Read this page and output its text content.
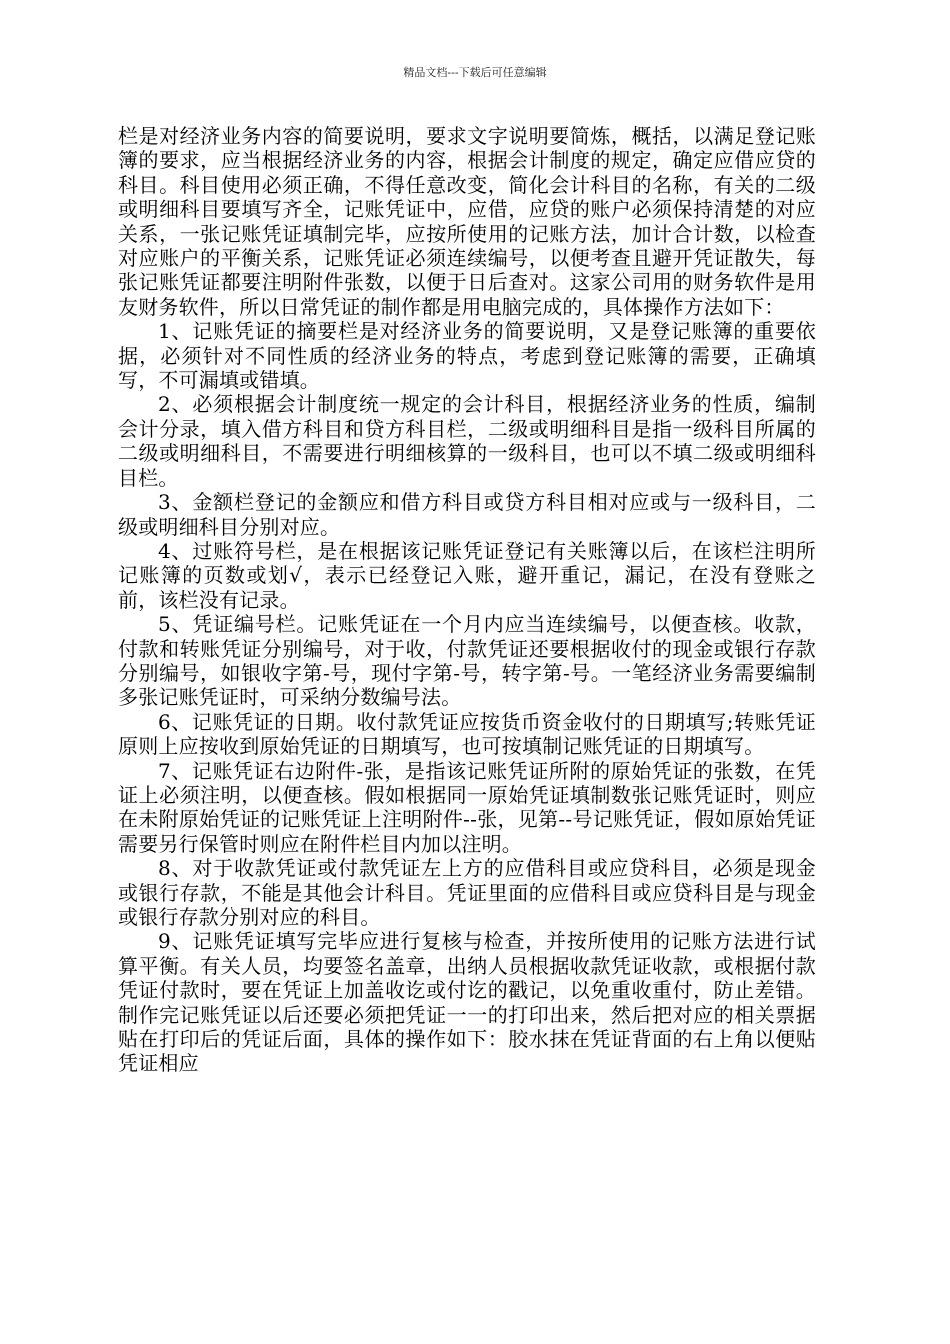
精品文档---下载后可任意编辑

栏是对经济业务内容的简要说明，要求文字说明要简炼，概括，以满足登记账簿的要求，应当根据经济业务的内容，根据会计制度的规定，确定应借应贷的科目。科目使用必须正确，不得任意改变，简化会计科目的名称，有关的二级或明细科目要填写齐全，记账凭证中，应借，应贷的账户必须保持清楚的对应关系，一张记账凭证填制完毕，应按所使用的记账方法，加计合计数，以检查对应账户的平衡关系，记账凭证必须连续编号，以便考查且避开凭证散失，每张记账凭证都要注明附件张数，以便于日后查对。这家公司用的财务软件是用友财务软件，所以日常凭证的制作都是用电脑完成的，具体操作方法如下：

1、记账凭证的摘要栏是对经济业务的简要说明，又是登记账簿的重要依据，必须针对不同性质的经济业务的特点，考虑到登记账簿的需要，正确填写，不可漏填或错填。

2、必须根据会计制度统一规定的会计科目，根据经济业务的性质，编制会计分录，填入借方科目和贷方科目栏，二级或明细科目是指一级科目所属的二级或明细科目，不需要进行明细核算的一级科目，也可以不填二级或明细科目栏。

3、金额栏登记的金额应和借方科目或贷方科目相对应或与一级科目，二级或明细科目分别对应。

4、过账符号栏，是在根据该记账凭证登记有关账簿以后，在该栏注明所记账簿的页数或划√，表示已经登记入账，避开重记，漏记，在没有登账之前，该栏没有记录。

5、凭证编号栏。记账凭证在一个月内应当连续编号，以便查核。收款，付款和转账凭证分别编号，对于收，付款凭证还要根据收付的现金或银行存款分别编号，如银收字第-号，现付字第-号，转字第-号。一笔经济业务需要编制多张记账凭证时，可采纳分数编号法。

6、记账凭证的日期。收付款凭证应按货币资金收付的日期填写;转账凭证原则上应按收到原始凭证的日期填写，也可按填制记账凭证的日期填写。

7、记账凭证右边附件-张，是指该记账凭证所附的原始凭证的张数，在凭证上必须注明，以便查核。假如根据同一原始凭证填制数张记账凭证时，则应在未附原始凭证的记账凭证上注明附件--张，见第--号记账凭证，假如原始凭证需要另行保管时则应在附件栏目内加以注明。

8、对于收款凭证或付款凭证左上方的应借科目或应贷科目，必须是现金或银行存款，不能是其他会计科目。凭证里面的应借科目或应贷科目是与现金或银行存款分别对应的科目。

9、记账凭证填写完毕应进行复核与检查，并按所使用的记账方法进行试算平衡。有关人员，均要签名盖章，出纳人员根据收款凭证收款，或根据付款凭证付款时，要在凭证上加盖收讫或付讫的戳记，以免重收重付，防止差错。制作完记账凭证以后还要必须把凭证一一的打印出来，然后把对应的相关票据贴在打印后的凭证后面，具体的操作如下：胶水抹在凭证背面的右上角以便贴凭证相应
